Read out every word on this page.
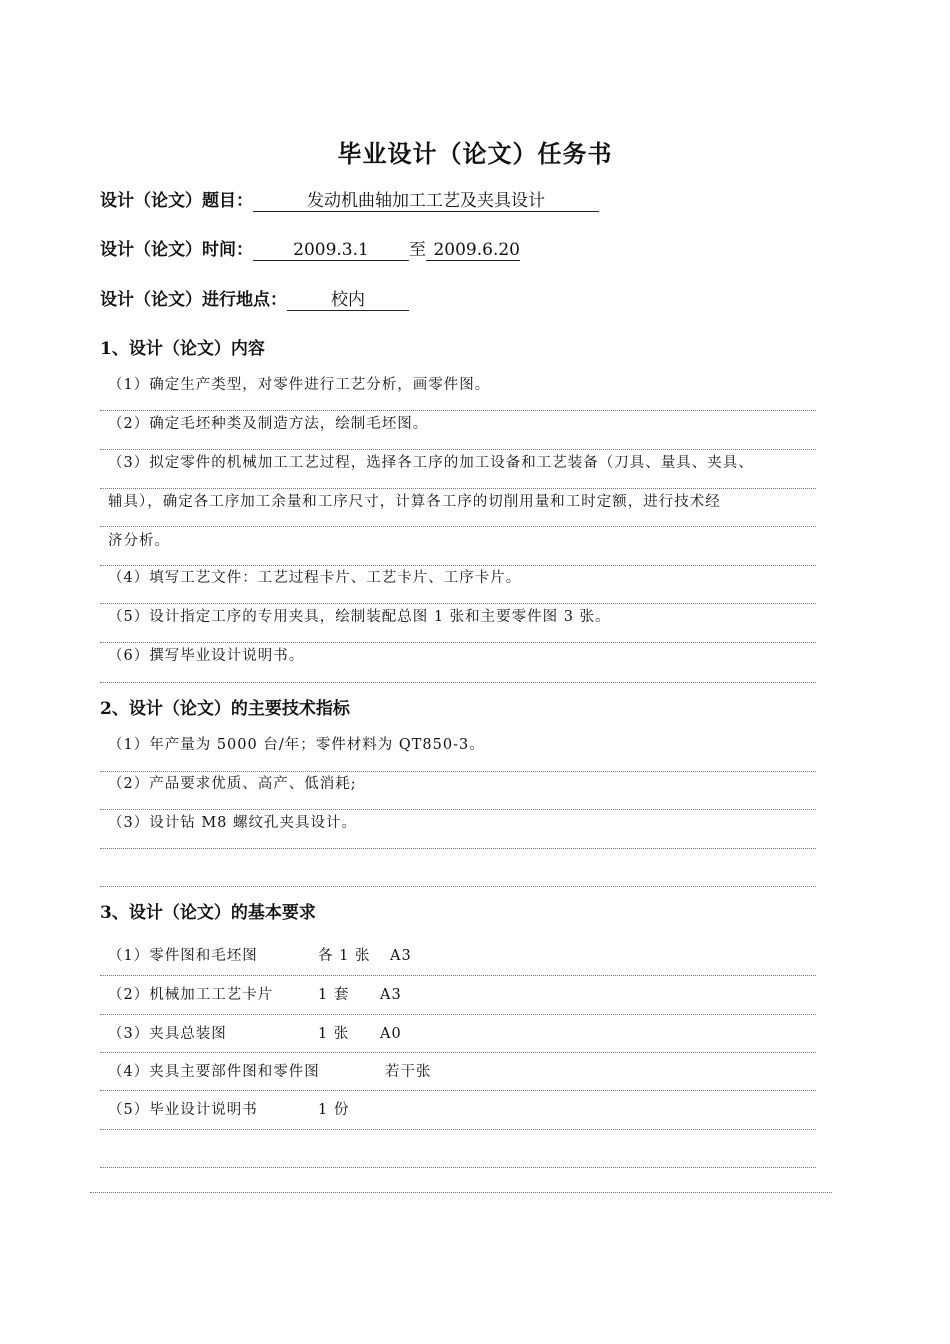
毕业设计（论文）任务书
设计（论文）题目：	发动机曲轴加工工艺及夹具设计
设计（论文）时间： 2009.3.1 至 2009.6.20
设计（论文）进行地点：	校内
1、设计（论文）内容
（1）确定生产类型，对零件进行工艺分析，画零件图。
（2）确定毛坯种类及制造方法，绘制毛坯图。
（3）拟定零件的机械加工工艺过程，选择各工序的加工设备和工艺装备（刀具、量具、夹具、
辅具），确定各工序加工余量和工序尺寸，计算各工序的切削用量和工时定额，进行技术经
济分析。
（4）填写工艺文件：工艺过程卡片、工艺卡片、工序卡片。
（5）设计指定工序的专用夹具，绘制装配总图 1 张和主要零件图 3 张。
（6）撰写毕业设计说明书。
2、设计（论文）的主要技术指标
（1）年产量为 5000 台/年；零件材料为 QT850-3。
（2）产品要求优质、高产、低消耗;
（3）设计钻 M8 螺纹孔夹具设计。
3、设计（论文）的基本要求
（1）零件图和毛坯图	各 1 张 A3
（2）机械加工工艺卡片	1 套 A3
（3）夹具总装图	1 张 A0
（4）夹具主要部件图和零件图	若干张
（5）毕业设计说明书	1 份
